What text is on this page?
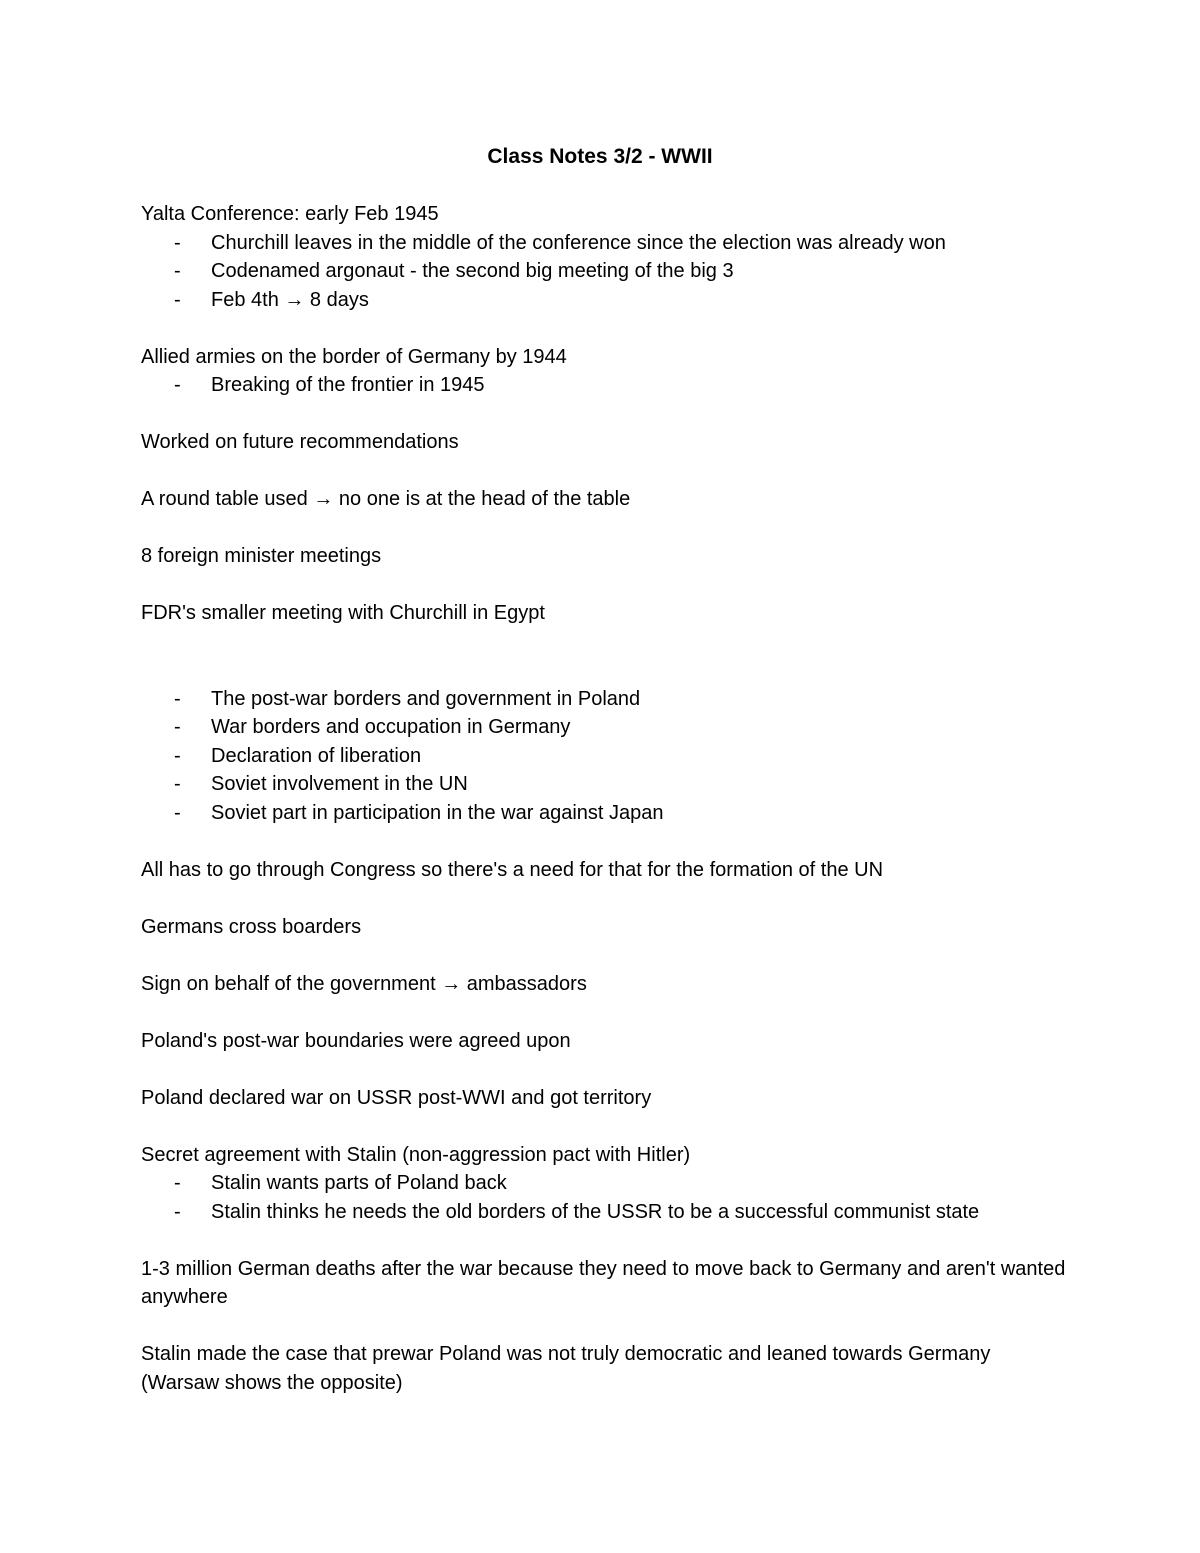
Class Notes 3/2 - WWII

Yalta Conference: early Feb 1945

- Churchill leaves in the middle of the conference since the election was already won
- Codenamed argonaut - the second big meeting of the big 3
- Feb 4th → 8 days

Allied armies on the border of Germany by 1944

- Breaking of the frontier in 1945

Worked on future recommendations

A round table used → no one is at the head of the table

8 foreign minister meetings

FDR's smaller meeting with Churchill in Egypt

- The post-war borders and government in Poland
- War borders and occupation in Germany
- Declaration of liberation
- Soviet involvement in the UN
- Soviet part in participation in the war against Japan

All has to go through Congress so there's a need for that for the formation of the UN

Germans cross boarders

Sign on behalf of the government → ambassadors

Poland's post-war boundaries were agreed upon

Poland declared war on USSR post-WWI and got territory

Secret agreement with Stalin (non-aggression pact with Hitler)

- Stalin wants parts of Poland back
- Stalin thinks he needs the old borders of the USSR to be a successful communist state

1-3 million German deaths after the war because they need to move back to Germany and aren't wanted anywhere

Stalin made the case that prewar Poland was not truly democratic and leaned towards Germany (Warsaw shows the opposite)
